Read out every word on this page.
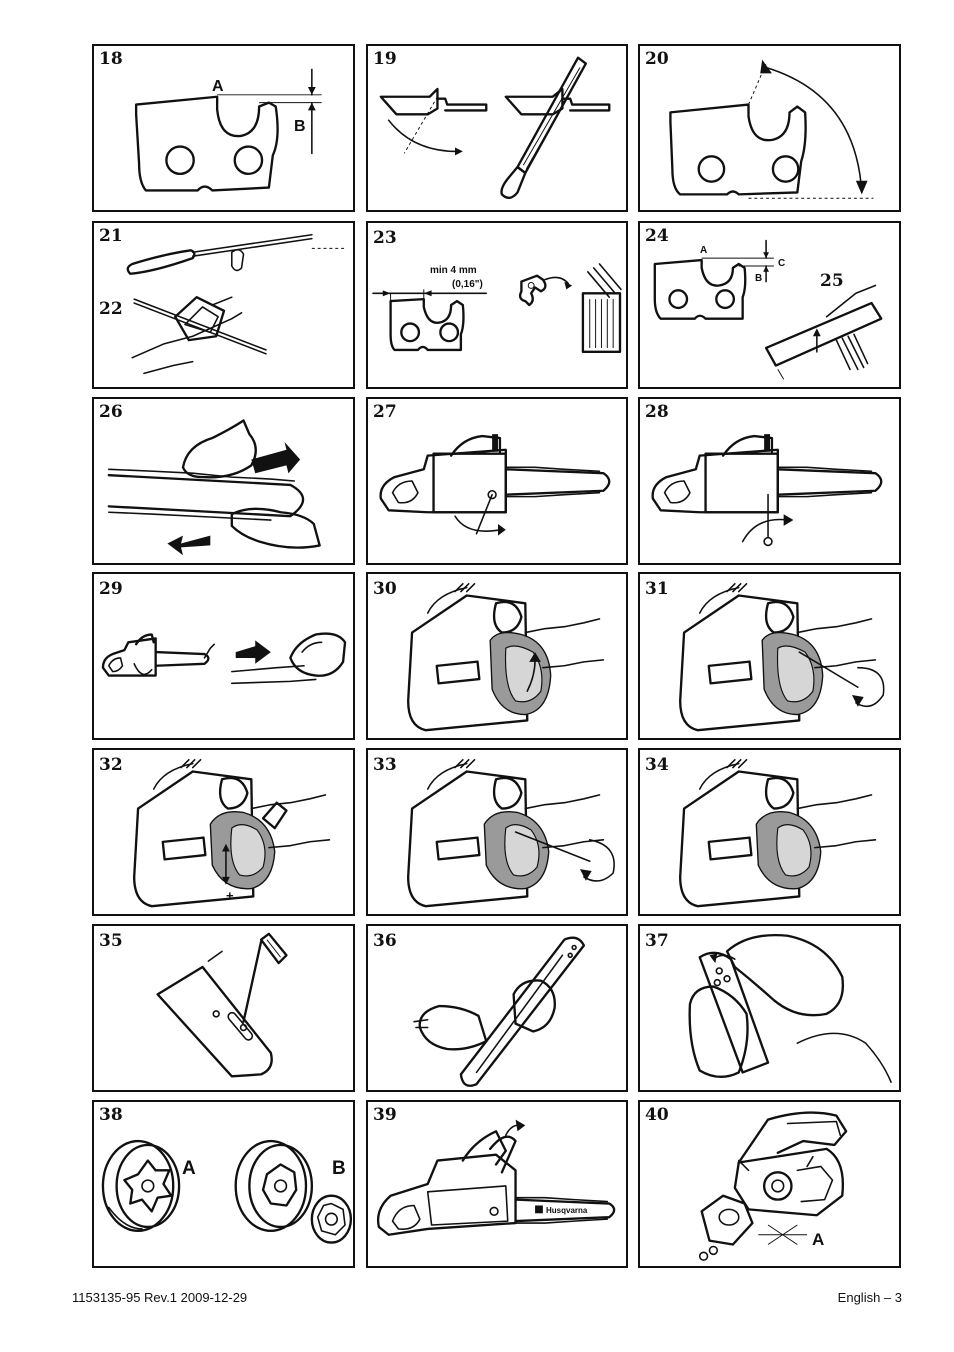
18
A
B
19	20
21
22
23
min 4 mm
(0,16")
24
A
B
C
25
26	27	28
29	30	31
32
+
33	34
35	36	37
38
A	B
39
Husqvarna
40
A
1153135-95 Rev.1 2009-12-29	English – 3
